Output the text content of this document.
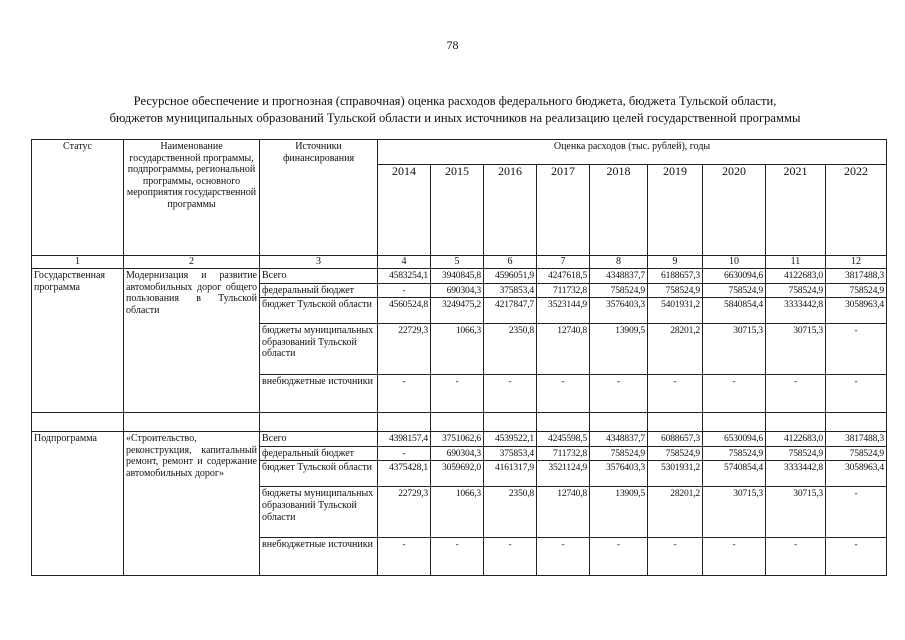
78
Ресурсное обеспечение и прогнозная (справочная) оценка расходов федерального бюджета, бюджета Тульской области,
бюджетов муниципальных образований Тульской области и иных источников на реализацию целей государственной программы
Статус	Наименование государственной программы, подпрограммы, региональной программы, основного мероприятия государственной программы	Источники финансирования	Оценка расходов (тыс. рублей), годы								
			2014	2015	2016	2017	2018	2019	2020	2021	2022
1	2	3	4	5	6	7	8	9	10	11	12
Государственная программа	Модернизация и развитие автомобильных дорог общего пользования в Тульской области	Всего	4583254,1	3940845,8	4596051,9	4247618,5	4348837,7	6188657,3	6630094,6	4122683,0	3817488,3
		федеральный бюджет	-	690304,3	375853,4	711732,8	758524,9	758524,9	758524,9	758524,9	758524,9
		бюджет Тульской области	4560524,8	3249475,2	4217847,7	3523144,9	3576403,3	5401931,2	5840854,4	3333442,8	3058963,4
		бюджеты муниципальных образований Тульской области	22729,3	1066,3	2350,8	12740,8	13909,5	28201,2	30715,3	30715,3	-
		внебюджетные источники	-	-	-	-	-	-	-	-	-

Подпрограмма	«Строительство, реконструкция, капитальный ремонт, ремонт и содержание автомобильных дорог»	Всего	4398157,4	3751062,6	4539522,1	4245598,5	4348837,7	6088657,3	6530094,6	4122683,0	3817488,3
		федеральный бюджет	-	690304,3	375853,4	711732,8	758524,9	758524,9	758524,9	758524,9	758524,9
		бюджет Тульской области	4375428,1	3059692,0	4161317,9	3521124,9	3576403,3	5301931,2	5740854,4	3333442,8	3058963,4
		бюджеты муниципальных образований Тульской области	22729,3	1066,3	2350,8	12740,8	13909,5	28201,2	30715,3	30715,3	-
		внебюджетные источники	-	-	-	-	-	-	-	-	-
